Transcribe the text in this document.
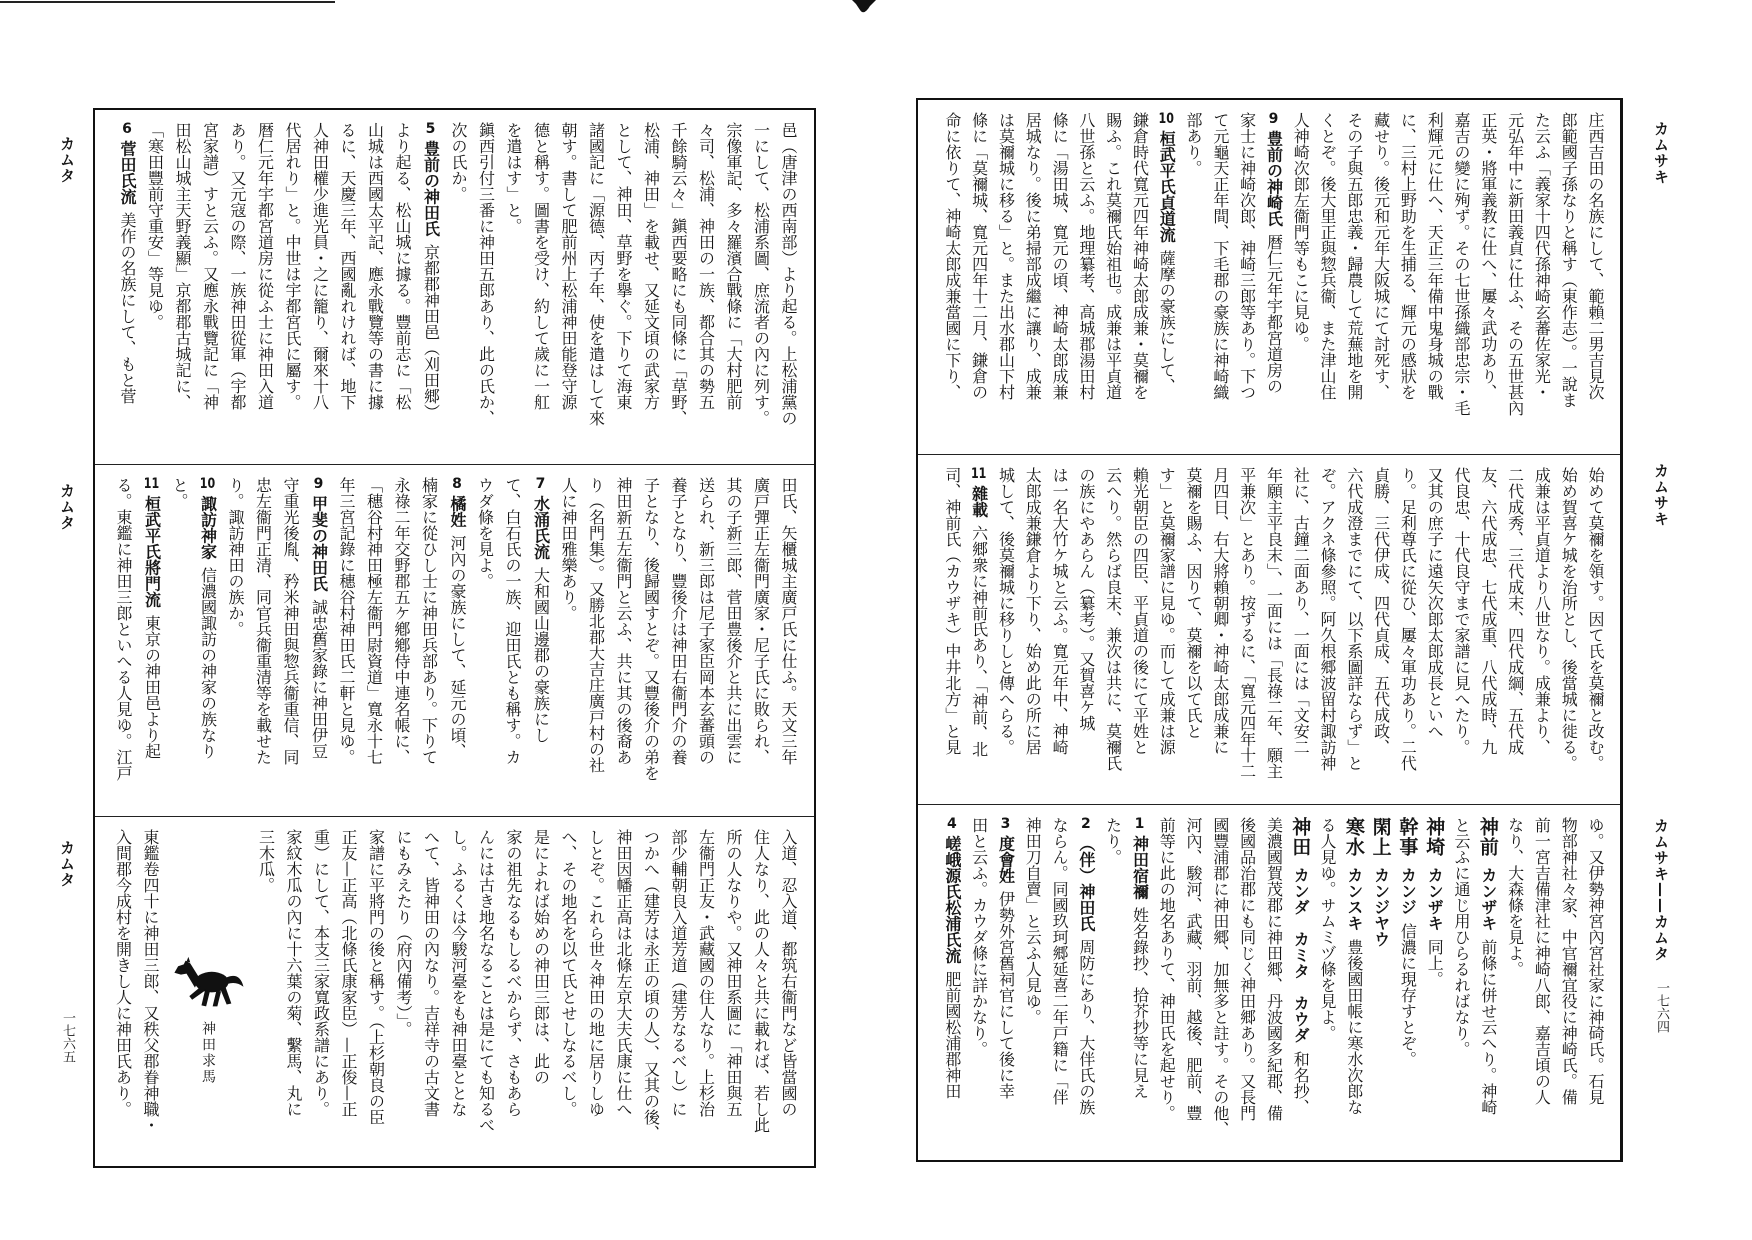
カムサキ
カムサキ
カムサキ——カムタ
一七六四
カムタ
カムタ
カムタ
一七六五
庄西吉田の名族にして、範賴二男吉見次
郎範國子孫なりと稱す（東作志）。一說ま
た云ふ「義家十四代孫神崎玄蕃佐家光・
元弘年中に新田義貞に仕ふ、その五世甚內
正英・將軍義教に仕へ、屢々武功あり、
嘉吉の變に殉ず。その七世孫織部忠宗・毛
利輝元に仕へ、天正三年備中鬼身城の戰
に、三村上野助を生捕る、輝元の感狀を
藏せり。後元和元年大阪城にて討死す、
その子與五郎忠義・歸農して荒蕪地を開
くとぞ。後大里正與惣兵衞、また津山住
人神崎次郎左衞門等もこに見ゆ。
9豊前の神崎氏暦仁元年宇都宮道房の
家士に神崎次郎、神崎三郎等あり。下つ
て元龜天正年間、下毛郡の豪族に神崎織
部あり。
10桓武平氏貞道流薩摩の豪族にして、
鎌倉時代寬元四年神崎太郎成兼・莫禰を
賜ふ。これ莫禰氏始祖也。成兼は平貞道
八世孫と云ふ。地理纂考、高城郡湯田村
條に「湯田城、寬元の頃、神崎太郎成兼
居城なり。後に弟掃部成繼に讓り、成兼
は莫禰城に移る」と。また出水郡山下村
條に「莫禰城、寬元四年十二月、鎌倉の
命に依りて、神崎太郎成兼當國に下り、
始めて莫禰を領す。因て氏を莫禰と改む。
始め賀喜ケ城を治所とし、後當城に徙る。
成兼は平貞道より八世なり。成兼より、
二代成秀、三代成末、四代成綱、五代成
友、六代成忠、七代成重、八代成時、九
代良忠、十代良守まで家譜に見へたり。
又其の庶子に遠矢次郎太郎成長といへ
り。足利尊氏に從ひ、屢々軍功あり。二代
貞勝、三代伊成、四代貞成、五代成政、
六代成澄までにて、以下系圖詳ならず」と
ぞ。アクネ條參照。阿久根郷波留村諏訪神
社に、古鐘二面あり、一面には「文安二
年願主平良末」、一面には「長祿二年、願主
平兼次」とあり。按ずるに、「寬元四年十二
月四日、右大將賴朝卿・神崎太郎成兼に
莫禰を賜ふ、因りて、莫禰を以て氏と
す」と莫禰家譜に見ゆ。而して成兼は源
賴光朝臣の四臣、平貞道の後にて平姓と
云へり。然らば良末、兼次は共に、莫禰氏
の族にやあらん（纂考）。又賀喜ケ城
は一名大竹ケ城と云ふ。寬元年中、神崎
太郎成兼鎌倉より下り、始め此の所に居
城して、後莫禰城に移りしと傳へらる。
11雜載六郷衆に神前氏あり、「神前、北
司、神前氏（カウザキ）中井北方」と見
ゆ。又伊勢神宮內宮社家に神碕氏。石見
物部神社々家、中官禰宜役に神崎氏。備
前一宮吉備津社に神崎八郎、嘉吉頃の人
なり、大森條を見よ。
神前カンザキ前條に併せ云へり。神崎
と云ふに通じ用ひらるればなり。
神埼カンザキ同上。
幹事カンジ信濃に現存すとぞ。
閑上カンジヤウ
寒水カンスキ豊後國田帳に寒水次郎な
る人見ゆ。サムミヅ條を見よ。
神田カンダ　カミタ　カウダ和名抄、
美濃國賀茂郡に神田郷、丹波國多紀郡、備
後國品治郡にも同じく神田郷あり。又長門
國豐浦郡に神田郷、加無多と註す。その他、
河內、駿河、武藏、羽前、越後、肥前、豐
前等に此の地名ありて、神田氏を起せり。
1神田宿禰姓名錄抄、拾芥抄等に見え
たり。
2（伴）神田氏周防にあり、大伴氏の族
ならん。同國玖珂郷延喜二年戸籍に「伴
神田刀自賣」と云ふ人見ゆ。
3度會姓伊勢外宮舊祠官にして後に幸
田と云ふ。カウダ條に詳かなり。
4嵯峨源氏松浦氏流肥前國松浦郡神田
邑（唐津の西南部）より起る。上松浦黨の
一にして、松浦系圖、庶流者の內に列す。
宗像軍記、多々羅濱合戰條に「大村肥前
々司、松浦、神田の一族、都合其の勢五
千餘騎云々」鎭西要略にも同條に「草野、
松浦、神田」を載せ、又延文頃の武家方
として、神田、草野を擧ぐ。下りて海東
諸國記に「源德、丙子年、使を遣はして來
朝す。書して肥前州上松浦神田能登守源
德と稱す。圖書を受け、約して歲に一舡
を遣はす」と。
鎭西引付三番に神田五郎あり、此の氏か、
次の氏か。
5豊前の神田氏京都郡神田邑（刈田郷）
より起る、松山城に據る。豐前志に「松
山城は西國太平記、應永戰覽等の書に據
るに、天慶三年、西國亂れければ、地下
人神田權少進光員・之に籠り、爾來十八
代居れり」と。中世は宇都宮氏に屬す。
暦仁元年宇都宮道房に從ふ士に神田入道
あり。又元寇の際、一族神田從軍（宇都
宮家譜）すと云ふ。又應永戰覽記に「神
田松山城主天野義顯」京都郡古城記に、
「寒田豐前守重安」等見ゆ。
6菅田氏流美作の名族にして、もと菅
田氏、矢櫃城主廣戸氏に仕ふ。天文三年
廣戸彈正左衞門廣家・尼子氏に敗られ、
其の子新三郎、菅田豊後介と共に出雲に
送られ、新三郎は尼子家臣岡本玄蕃頭の
養子となり、豐後介は神田右衞門介の養
子となり、後歸國すとぞ。又豐後介の弟を
神田新五左衞門と云ふ、共に其の後裔あ
り（名門集）。又勝北郡大吉庄廣戸村の社
人に神田雅樂あり。
7水涌氏流大和國山邊郡の豪族にし
て、白石氏の一族、迎田氏とも稱す。カ
ウダ條を見よ。
8橘姓河內の豪族にして、延元の頃、
楠家に從ひし士に神田兵部あり。下りて
永祿二年交野郡五ケ鄕鄕侍中連名帳に、
「穗谷村神田極左衞門尉資道」寬永十七
年三宮記錄に穗谷村神田氏二軒と見ゆ。
9甲斐の神田氏誠忠舊家錄に神田伊豆
守重光後胤、矜米神田與惣兵衞重信、同
忠左衞門正清、同官兵衞重清等を載せた
り。諏訪神田の族か。
10諏訪神家信濃國諏訪の神家の族なり
と。
11桓武平氏將門流東京の神田邑より起
る。東鑑に神田三郎といへる人見ゆ。江戸
入道、忍入道、都筑右衞門など皆當國の
住人なり、此の人々と共に載れば、若し此
所の人なりや。又神田系圖に「神田與五
左衞門正友・武藏國の住人なり。上杉治
部少輔朝良入道芳道（建芳なるべし）に
つかへ（建芳は永正の頃の人）、又其の後、
神田因幡正高は北條左京大夫氏康に仕へ
しとぞ。これら世々神田の地に居りしゆ
へ、その地名を以て氏とせしなるべし。
是によれば始めの神田三郎は、此の
家の祖先なるもしるべからず、さもあら
んには古き地名なることは是にても知るべ
し。ふるくは今駿河臺をも神田臺ととな
へて、皆神田の內なり。吉祥寺の古文書
にもみえたり（府內備考）」。
家譜に平將門の後と稱す。（上杉朝良の臣
正友—正高（北條氏康家臣）—正俊—正
重）にして、本支三家寬政系譜にあり。
家紋木瓜の內に十六葉の菊、繫馬、丸に
三木瓜。
神田求馬
東鑑卷四十に神田三郎、又秩父郡眷神職・
入間郡今成村を開きし人に神田氏あり。
